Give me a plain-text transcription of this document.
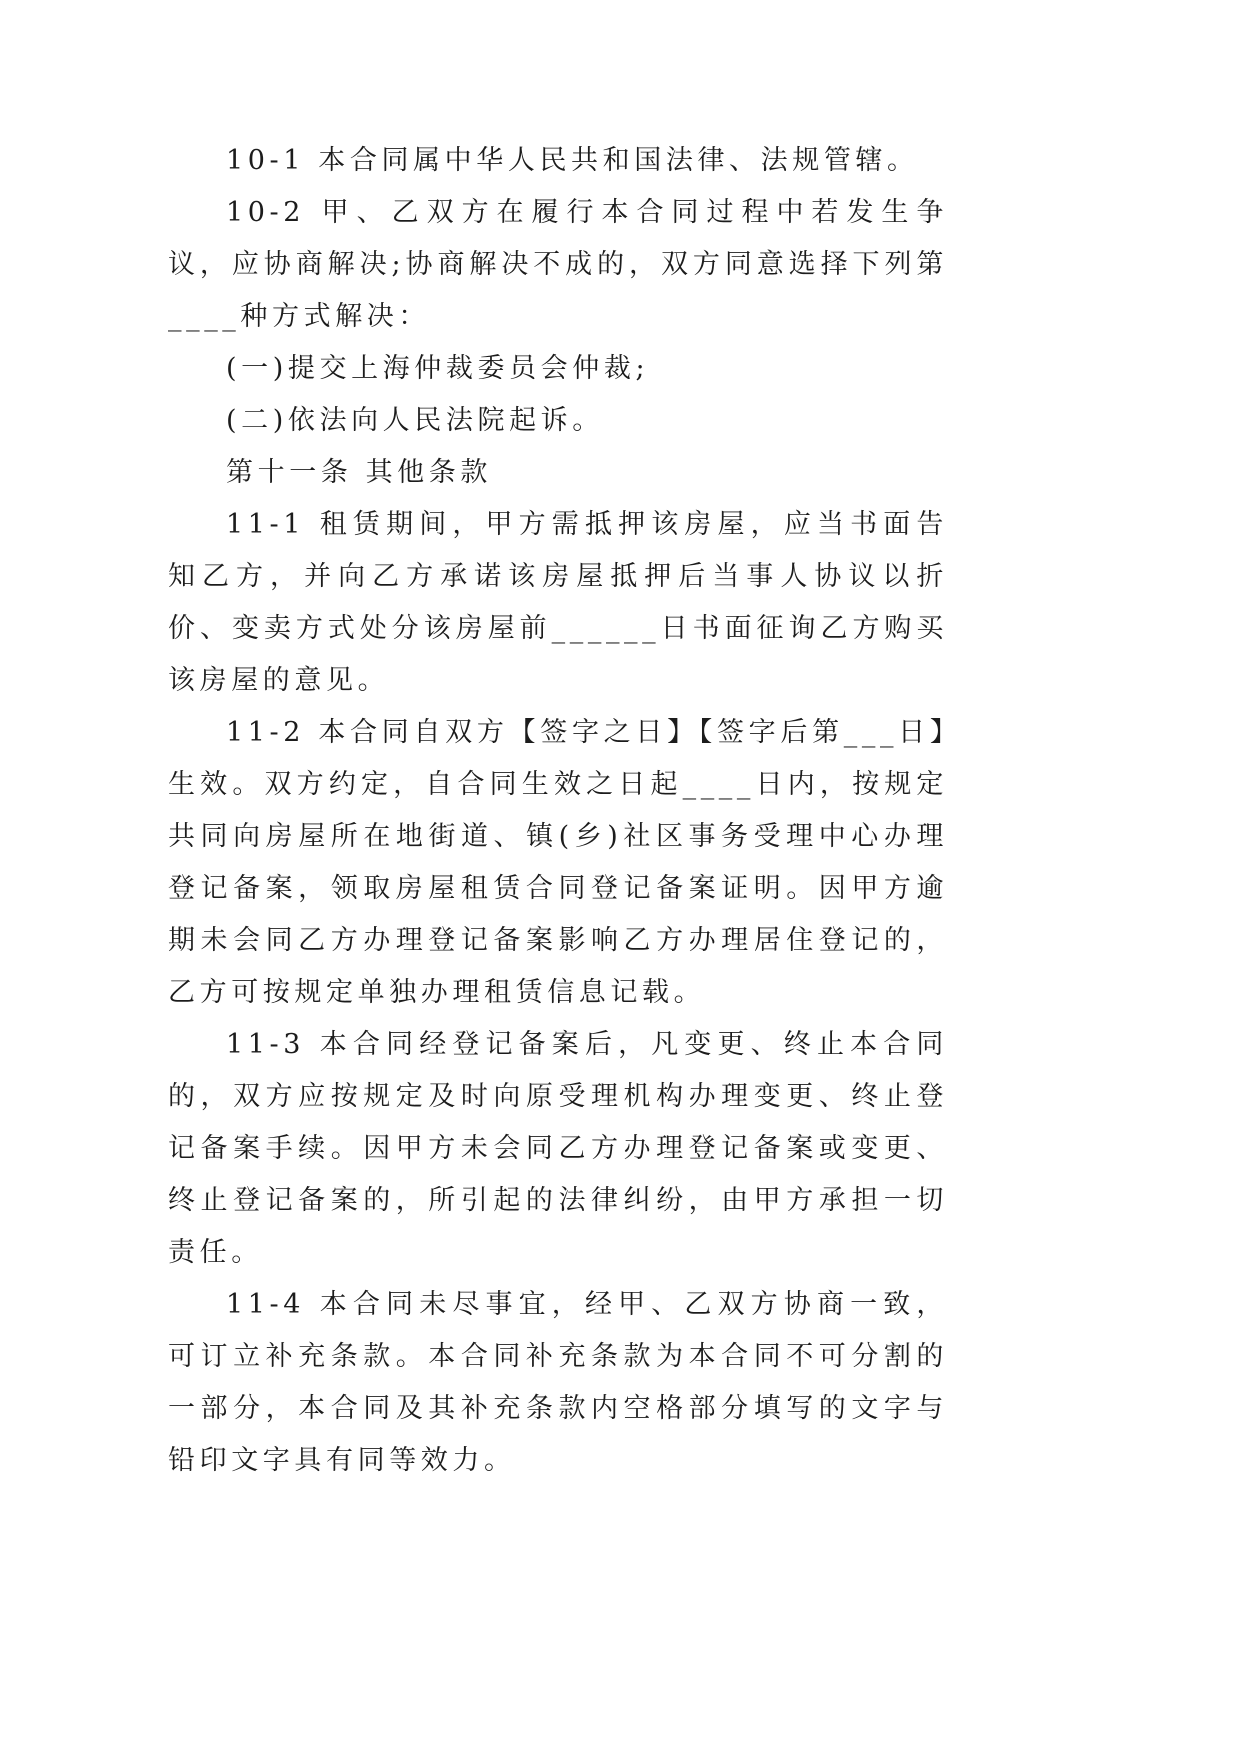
10-1 本合同属中华人民共和国法律、法规管辖。

10-2 甲、乙双方在履行本合同过程中若发生争议，应协商解决;协商解决不成的，双方同意选择下列第____种方式解决：

(一)提交上海仲裁委员会仲裁;

(二)依法向人民法院起诉。

第十一条 其他条款

11-1 租赁期间，甲方需抵押该房屋，应当书面告知乙方，并向乙方承诺该房屋抵押后当事人协议以折价、变卖方式处分该房屋前______日书面征询乙方购买该房屋的意见。

11-2 本合同自双方【签字之日】【签字后第___日】生效。双方约定，自合同生效之日起____日内，按规定共同向房屋所在地街道、镇(乡)社区事务受理中心办理登记备案，领取房屋租赁合同登记备案证明。因甲方逾期未会同乙方办理登记备案影响乙方办理居住登记的，乙方可按规定单独办理租赁信息记载。

11-3 本合同经登记备案后，凡变更、终止本合同的，双方应按规定及时向原受理机构办理变更、终止登记备案手续。因甲方未会同乙方办理登记备案或变更、终止登记备案的，所引起的法律纠纷，由甲方承担一切责任。

11-4 本合同未尽事宜，经甲、乙双方协商一致，可订立补充条款。本合同补充条款为本合同不可分割的一部分，本合同及其补充条款内空格部分填写的文字与铅印文字具有同等效力。
